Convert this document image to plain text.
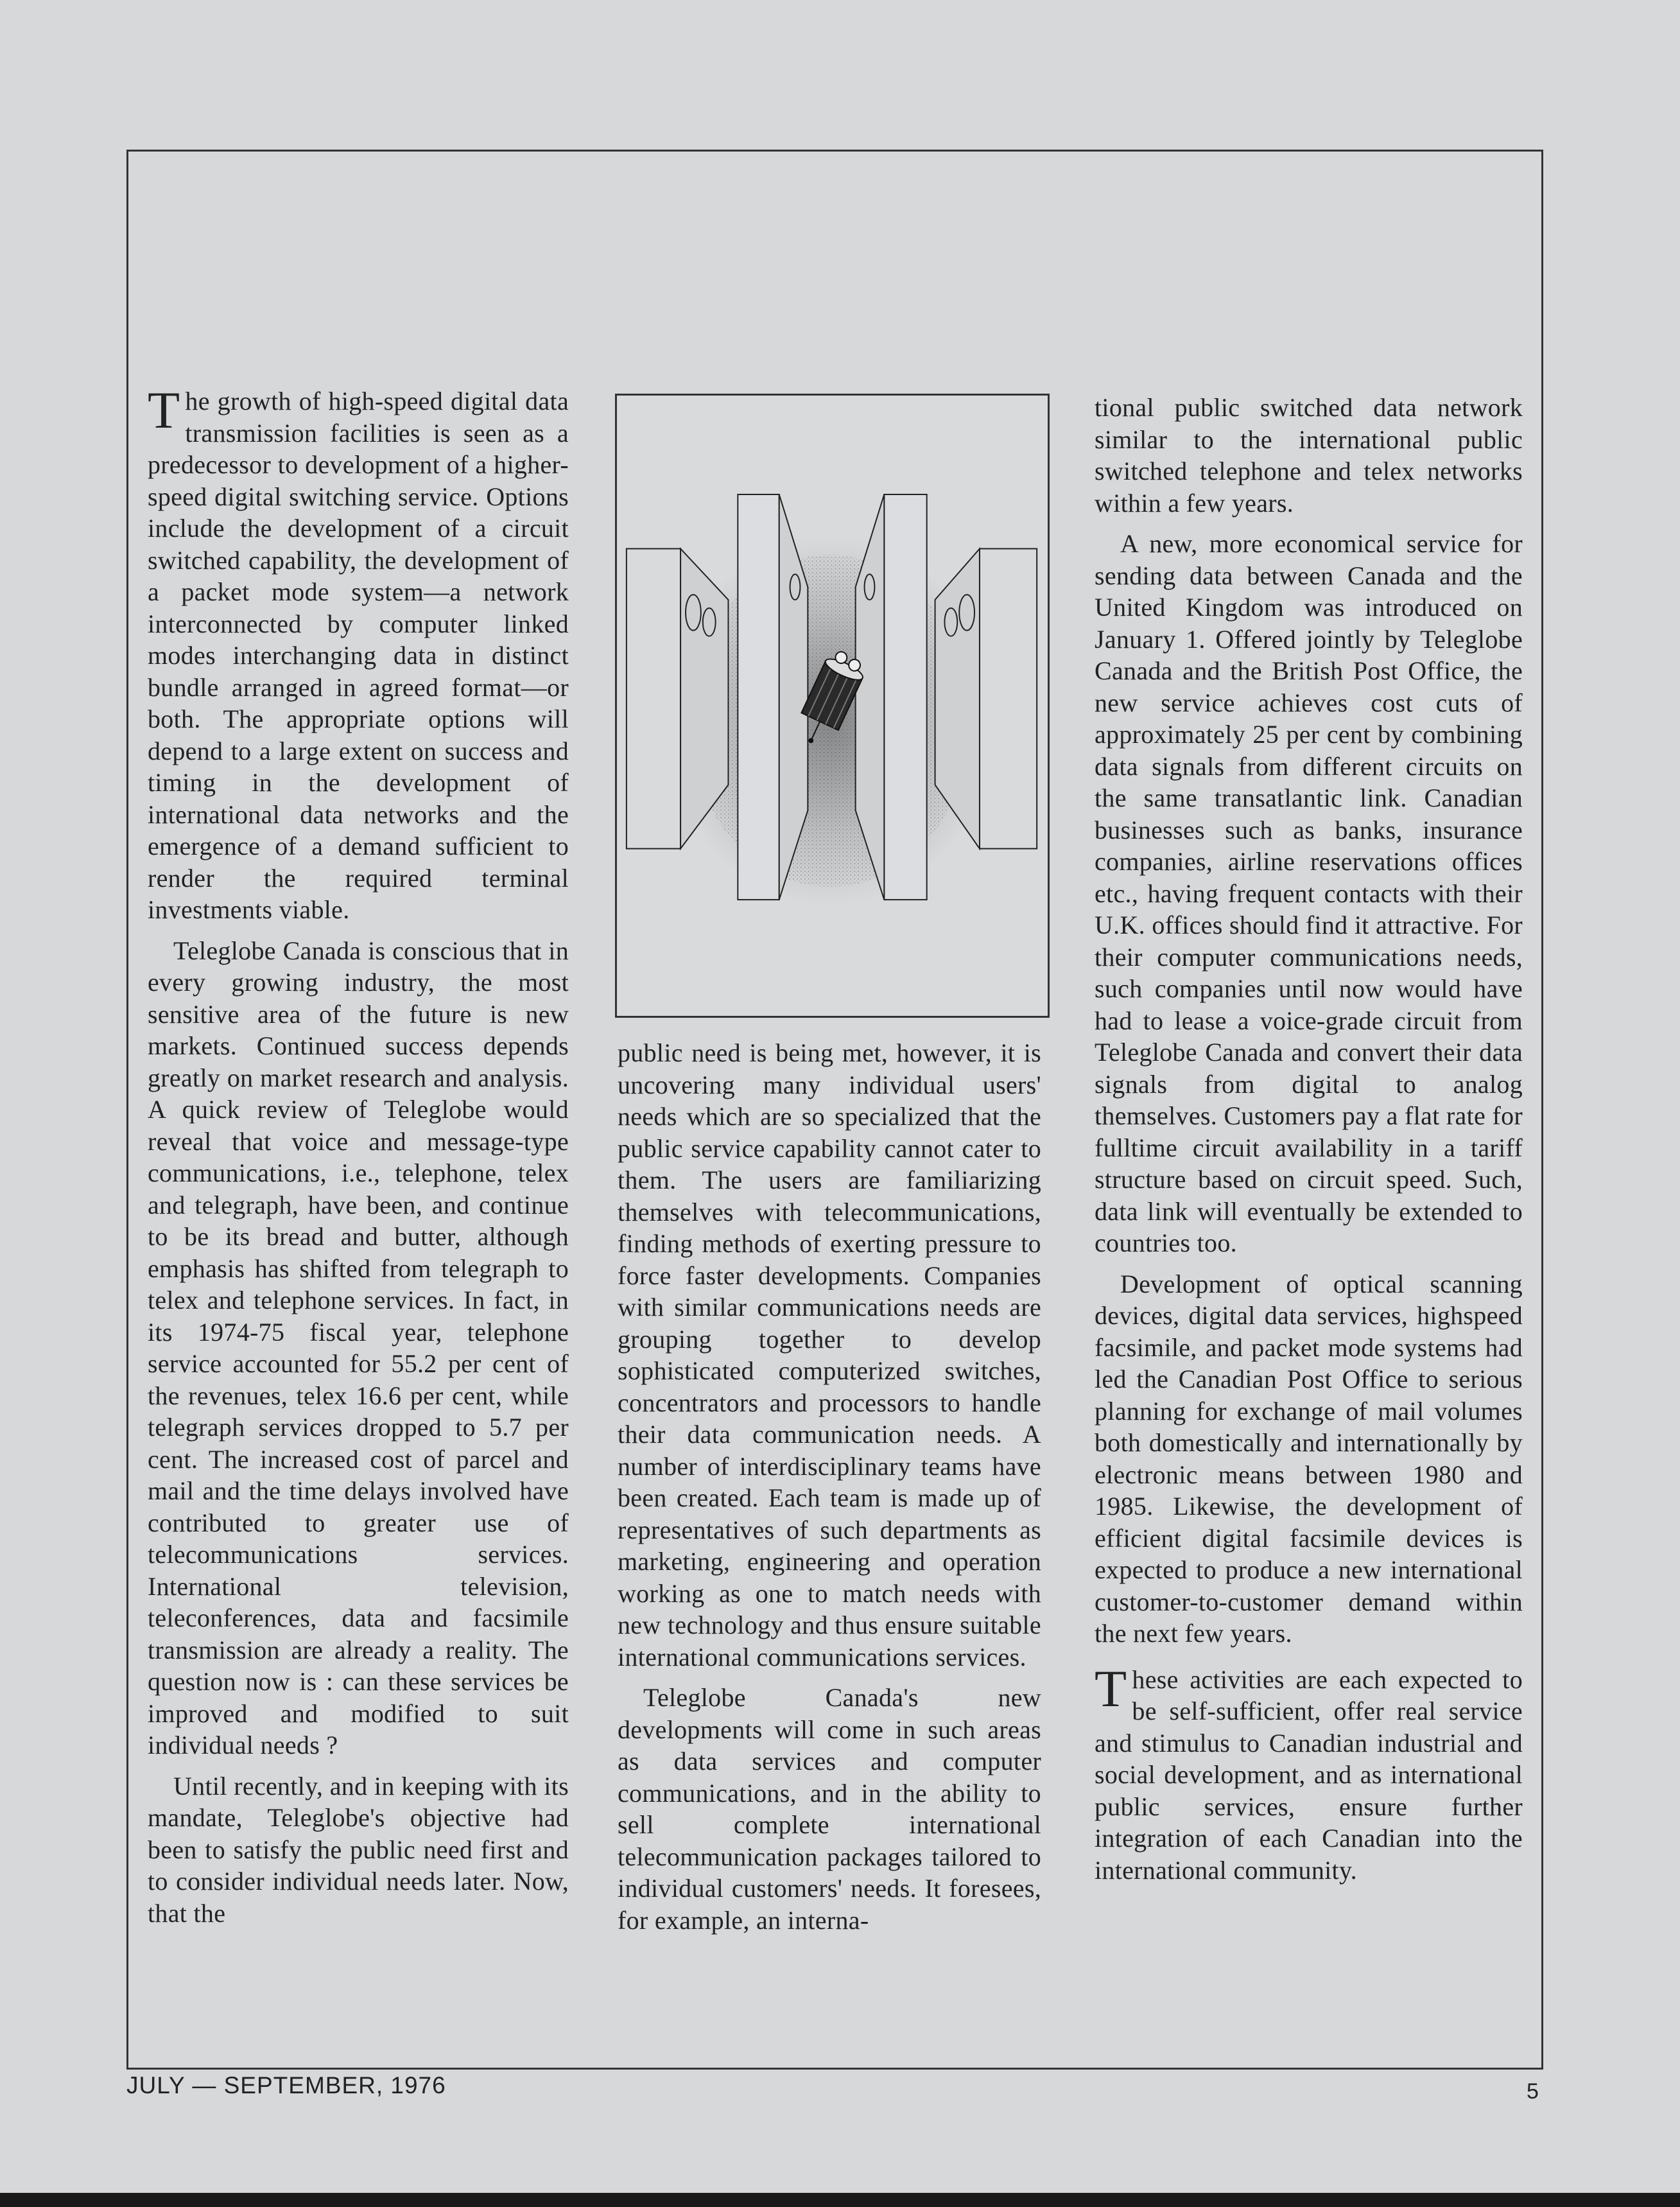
The growth of high-speed digital data transmission facilities is seen as a predecessor to development of a higher-speed digital switching service. Options include the development of a circuit switched capability, the development of a packet mode system—a network interconnected by computer linked modes interchanging data in distinct bundle arranged in agreed format—or both. The appropriate options will depend to a large extent on success and timing in the development of international data networks and the emergence of a demand sufficient to render the required terminal investments viable.

Teleglobe Canada is conscious that in every growing industry, the most sensitive area of the future is new markets. Continued success depends greatly on market research and analysis. A quick review of Teleglobe would reveal that voice and message-type communications, i.e., telephone, telex and telegraph, have been, and continue to be its bread and butter, although emphasis has shifted from telegraph to telex and telephone services. In fact, in its 1974-75 fiscal year, telephone service accounted for 55.2 per cent of the revenues, telex 16.6 per cent, while telegraph services dropped to 5.7 per cent. The increased cost of parcel and mail and the time delays involved have contributed to greater use of telecommunications services. International television, teleconferences, data and facsimile transmission are already a reality. The question now is : can these services be improved and modified to suit individual needs ?

Until recently, and in keeping with its mandate, Teleglobe's objective had been to satisfy the public need first and to consider individual needs later. Now, that the

public need is being met, however, it is uncovering many individual users' needs which are so specialized that the public service capability cannot cater to them. The users are familiarizing themselves with telecommunications, finding methods of exerting pressure to force faster developments. Companies with similar communications needs are grouping together to develop sophisticated computerized switches, concentrators and processors to handle their data communication needs. A number of interdisciplinary teams have been created. Each team is made up of representatives of such departments as marketing, engineering and operation working as one to match needs with new technology and thus ensure suitable international communications services.

Teleglobe Canada's new developments will come in such areas as data services and computer communications, and in the ability to sell complete international telecommunication packages tailored to individual customers' needs. It foresees, for example, an interna-

tional public switched data network similar to the international public switched telephone and telex networks within a few years.

A new, more economical service for sending data between Canada and the United Kingdom was introduced on January 1. Offered jointly by Teleglobe Canada and the British Post Office, the new service achieves cost cuts of approximately 25 per cent by combining data signals from different circuits on the same transatlantic link. Canadian businesses such as banks, insurance companies, airline reservations offices etc., having frequent contacts with their U.K. offices should find it attractive. For their computer communications needs, such companies until now would have had to lease a voice-grade circuit from Teleglobe Canada and convert their data signals from digital to analog themselves. Customers pay a flat rate for fulltime circuit availability in a tariff structure based on circuit speed. Such, data link will eventually be extended to countries too.

Development of optical scanning devices, digital data services, highspeed facsimile, and packet mode systems had led the Canadian Post Office to serious planning for exchange of mail volumes both domestically and internationally by electronic means between 1980 and 1985. Likewise, the development of efficient digital facsimile devices is expected to produce a new international customer-to-customer demand within the next few years.

These activities are each expected to be self-sufficient, offer real service and stimulus to Canadian industrial and social development, and as international public services, ensure further integration of each Canadian into the international community.

JULY — SEPTEMBER, 1976	5
